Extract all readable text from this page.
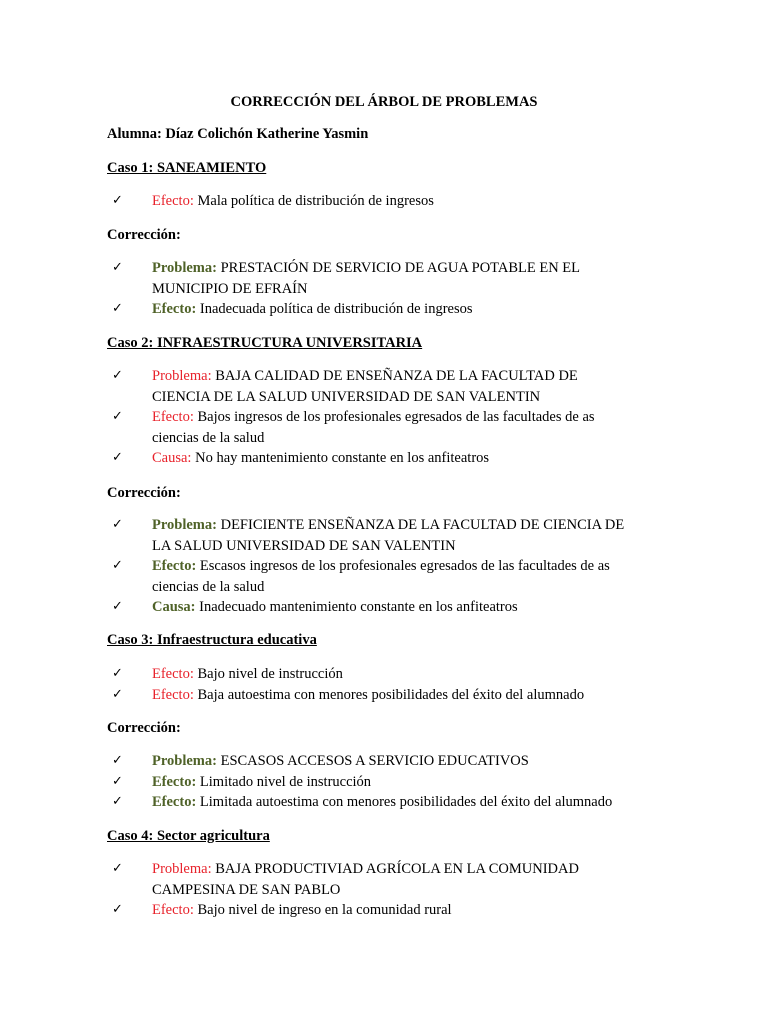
CORRECCIÓN DEL ÁRBOL DE PROBLEMAS
Alumna: Díaz Colichón Katherine Yasmin
Caso 1: SANEAMIENTO
✓	Efecto: Mala política de distribución de ingresos
Corrección:
✓	Problema: PRESTACIÓN DE SERVICIO DE AGUA POTABLE EN EL
MUNICIPIO DE EFRAÍN
✓	Efecto: Inadecuada política de distribución de ingresos
Caso 2: INFRAESTRUCTURA UNIVERSITARIA
✓	Problema: BAJA CALIDAD DE ENSEÑANZA DE LA FACULTAD DE
CIENCIA DE LA SALUD UNIVERSIDAD DE SAN VALENTIN
✓	Efecto: Bajos ingresos de los profesionales egresados de las facultades de as
ciencias de la salud
✓	Causa: No hay mantenimiento constante en los anfiteatros
Corrección:
✓	Problema: DEFICIENTE ENSEÑANZA DE LA FACULTAD DE CIENCIA DE
LA SALUD UNIVERSIDAD DE SAN VALENTIN
✓	Efecto: Escasos ingresos de los profesionales egresados de las facultades de as
ciencias de la salud
✓	Causa: Inadecuado mantenimiento constante en los anfiteatros
Caso 3: Infraestructura educativa
✓	Efecto: Bajo nivel de instrucción
✓	Efecto: Baja autoestima con menores posibilidades del éxito del alumnado
Corrección:
✓	Problema: ESCASOS ACCESOS A SERVICIO EDUCATIVOS
✓	Efecto: Limitado nivel de instrucción
✓	Efecto: Limitada autoestima con menores posibilidades del éxito del alumnado
Caso 4: Sector agricultura
✓	Problema: BAJA PRODUCTIVIAD AGRÍCOLA EN LA COMUNIDAD
CAMPESINA DE SAN PABLO
✓	Efecto: Bajo nivel de ingreso en la comunidad rural
